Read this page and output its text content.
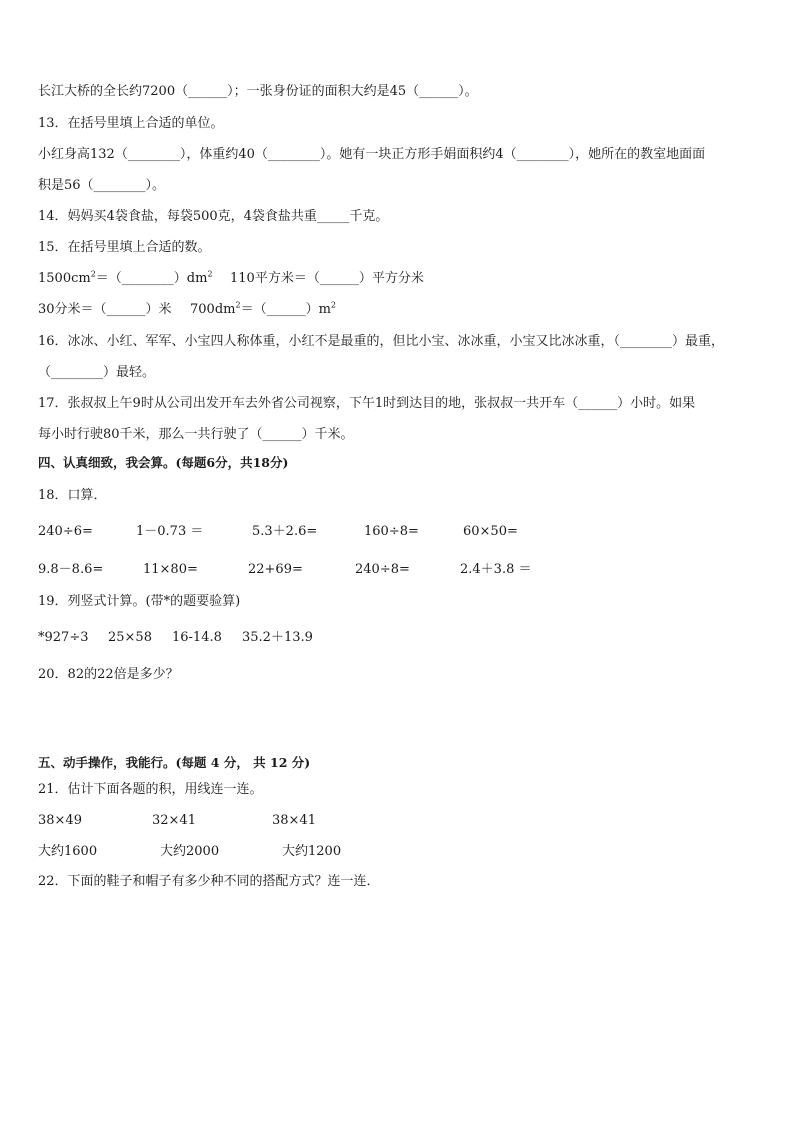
长江大桥的全长约7200（______）；一张身份证的面积大约是45（______）。
13．在括号里填上合适的单位。
小红身高132（________），体重约40（________）。她有一块正方形手娟面积约4（________），她所在的教室地面面
积是56（________）。
14．妈妈买4袋食盐，每袋500克，4袋食盐共重_____千克。
15．在括号里填上合适的数。
$1500cm^2=(\_\_\_\_\_\_\_\_)dm^2$ 110平方米＝（______）平方分米
30分米＝（______）米 $700dm^2=(\_\_\_\_\_\_)m^2$
16．冰冰、小红、军军、小宝四人称体重，小红不是最重的，但比小宝、冰冰重，小宝又比冰冰重，（________）最重，
（________）最轻。
17．张叔叔上午9时从公司出发开车去外省公司视察，下午1时到达目的地，张叔叔一共开车（______）小时。如果
每小时行驶80千米，那么一共行驶了（______）千米。
四、认真细致，我会算。(每题6分，共18分)
18．口算．
240÷6=	1－0.73 ＝	5.3＋2.6=	160÷8=	60×50=
9.8－8.6=	11×80=	22+69=	240÷8=	2.4＋3.8 ＝
19．列竖式计算。(带*的题要验算)
*927÷3 25×58 16-14.8 35.2＋13.9
20．82的22倍是多少？
五、动手操作，我能行。(每题 4 分， 共 12 分)
21．估计下面各题的积，用线连一连。
38×49	32×41	38×41
大约1600	大约2000	大约1200
22．下面的鞋子和帽子有多少种不同的搭配方式？连一连．
